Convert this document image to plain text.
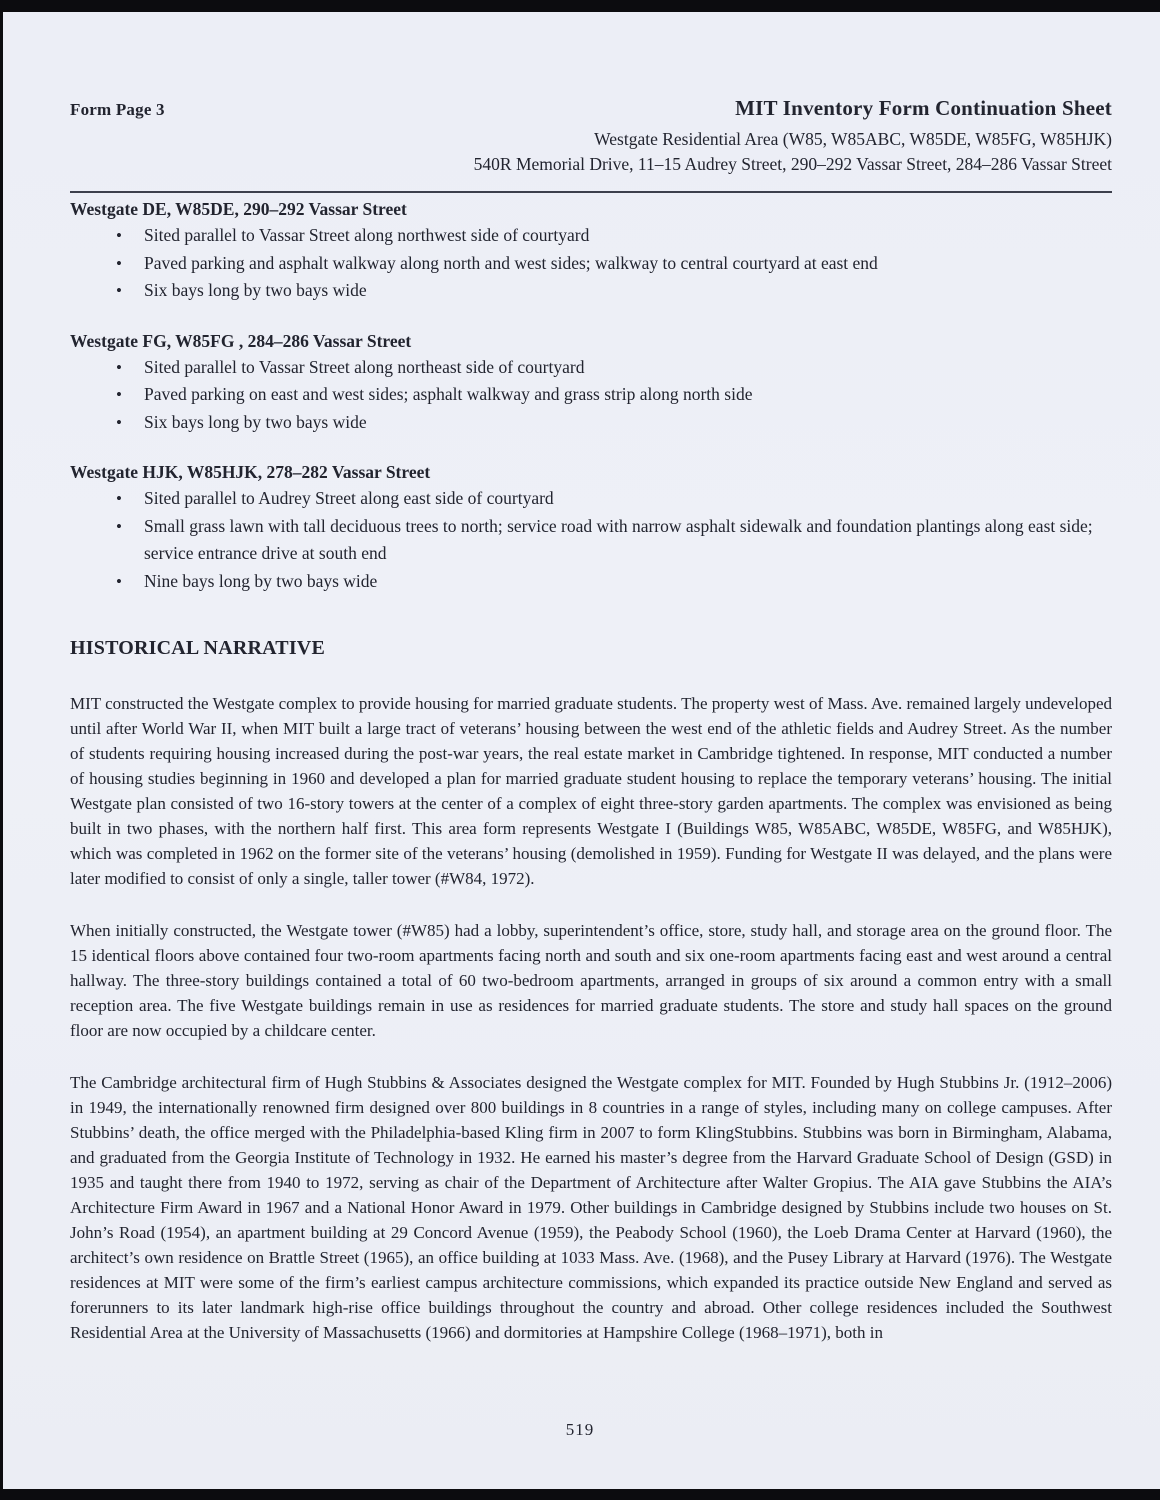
Form Page 3	MIT Inventory Form Continuation Sheet
Westgate Residential Area (W85, W85ABC, W85DE, W85FG, W85HJK)
540R Memorial Drive, 11–15 Audrey Street, 290–292 Vassar Street, 284–286 Vassar Street
Westgate DE, W85DE, 290–292 Vassar Street
• Sited parallel to Vassar Street along northwest side of courtyard
• Paved parking and asphalt walkway along north and west sides; walkway to central courtyard at east end
• Six bays long by two bays wide
Westgate FG, W85FG , 284–286 Vassar Street
• Sited parallel to Vassar Street along northeast side of courtyard
• Paved parking on east and west sides; asphalt walkway and grass strip along north side
• Six bays long by two bays wide
Westgate HJK, W85HJK, 278–282 Vassar Street
• Sited parallel to Audrey Street along east side of courtyard
• Small grass lawn with tall deciduous trees to north; service road with narrow asphalt sidewalk and foundation plantings along east side; service entrance drive at south end
• Nine bays long by two bays wide
HISTORICAL NARRATIVE

MIT constructed the Westgate complex to provide housing for married graduate students. The property west of Mass. Ave. remained largely undeveloped until after World War II, when MIT built a large tract of veterans’ housing between the west end of the athletic fields and Audrey Street. As the number of students requiring housing increased during the post-war years, the real estate market in Cambridge tightened. In response, MIT conducted a number of housing studies beginning in 1960 and developed a plan for married graduate student housing to replace the temporary veterans’ housing. The initial Westgate plan consisted of two 16-story towers at the center of a complex of eight three-story garden apartments. The complex was envisioned as being built in two phases, with the northern half first. This area form represents Westgate I (Buildings W85, W85ABC, W85DE, W85FG, and W85HJK), which was completed in 1962 on the former site of the veterans’ housing (demolished in 1959). Funding for Westgate II was delayed, and the plans were later modified to consist of only a single, taller tower (#W84, 1972).

When initially constructed, the Westgate tower (#W85) had a lobby, superintendent’s office, store, study hall, and storage area on the ground floor. The 15 identical floors above contained four two-room apartments facing north and south and six one-room apartments facing east and west around a central hallway. The three-story buildings contained a total of 60 two-bedroom apartments, arranged in groups of six around a common entry with a small reception area. The five Westgate buildings remain in use as residences for married graduate students. The store and study hall spaces on the ground floor are now occupied by a childcare center.

The Cambridge architectural firm of Hugh Stubbins & Associates designed the Westgate complex for MIT. Founded by Hugh Stubbins Jr. (1912–2006) in 1949, the internationally renowned firm designed over 800 buildings in 8 countries in a range of styles, including many on college campuses. After Stubbins’ death, the office merged with the Philadelphia-based Kling firm in 2007 to form KlingStubbins. Stubbins was born in Birmingham, Alabama, and graduated from the Georgia Institute of Technology in 1932. He earned his master’s degree from the Harvard Graduate School of Design (GSD) in 1935 and taught there from 1940 to 1972, serving as chair of the Department of Architecture after Walter Gropius. The AIA gave Stubbins the AIA’s Architecture Firm Award in 1967 and a National Honor Award in 1979. Other buildings in Cambridge designed by Stubbins include two houses on St. John’s Road (1954), an apartment building at 29 Concord Avenue (1959), the Peabody School (1960), the Loeb Drama Center at Harvard (1960), the architect’s own residence on Brattle Street (1965), an office building at 1033 Mass. Ave. (1968), and the Pusey Library at Harvard (1976). The Westgate residences at MIT were some of the firm’s earliest campus architecture commissions, which expanded its practice outside New England and served as forerunners to its later landmark high-rise office buildings throughout the country and abroad. Other college residences included the Southwest Residential Area at the University of Massachusetts (1966) and dormitories at Hampshire College (1968–1971), both in

519
